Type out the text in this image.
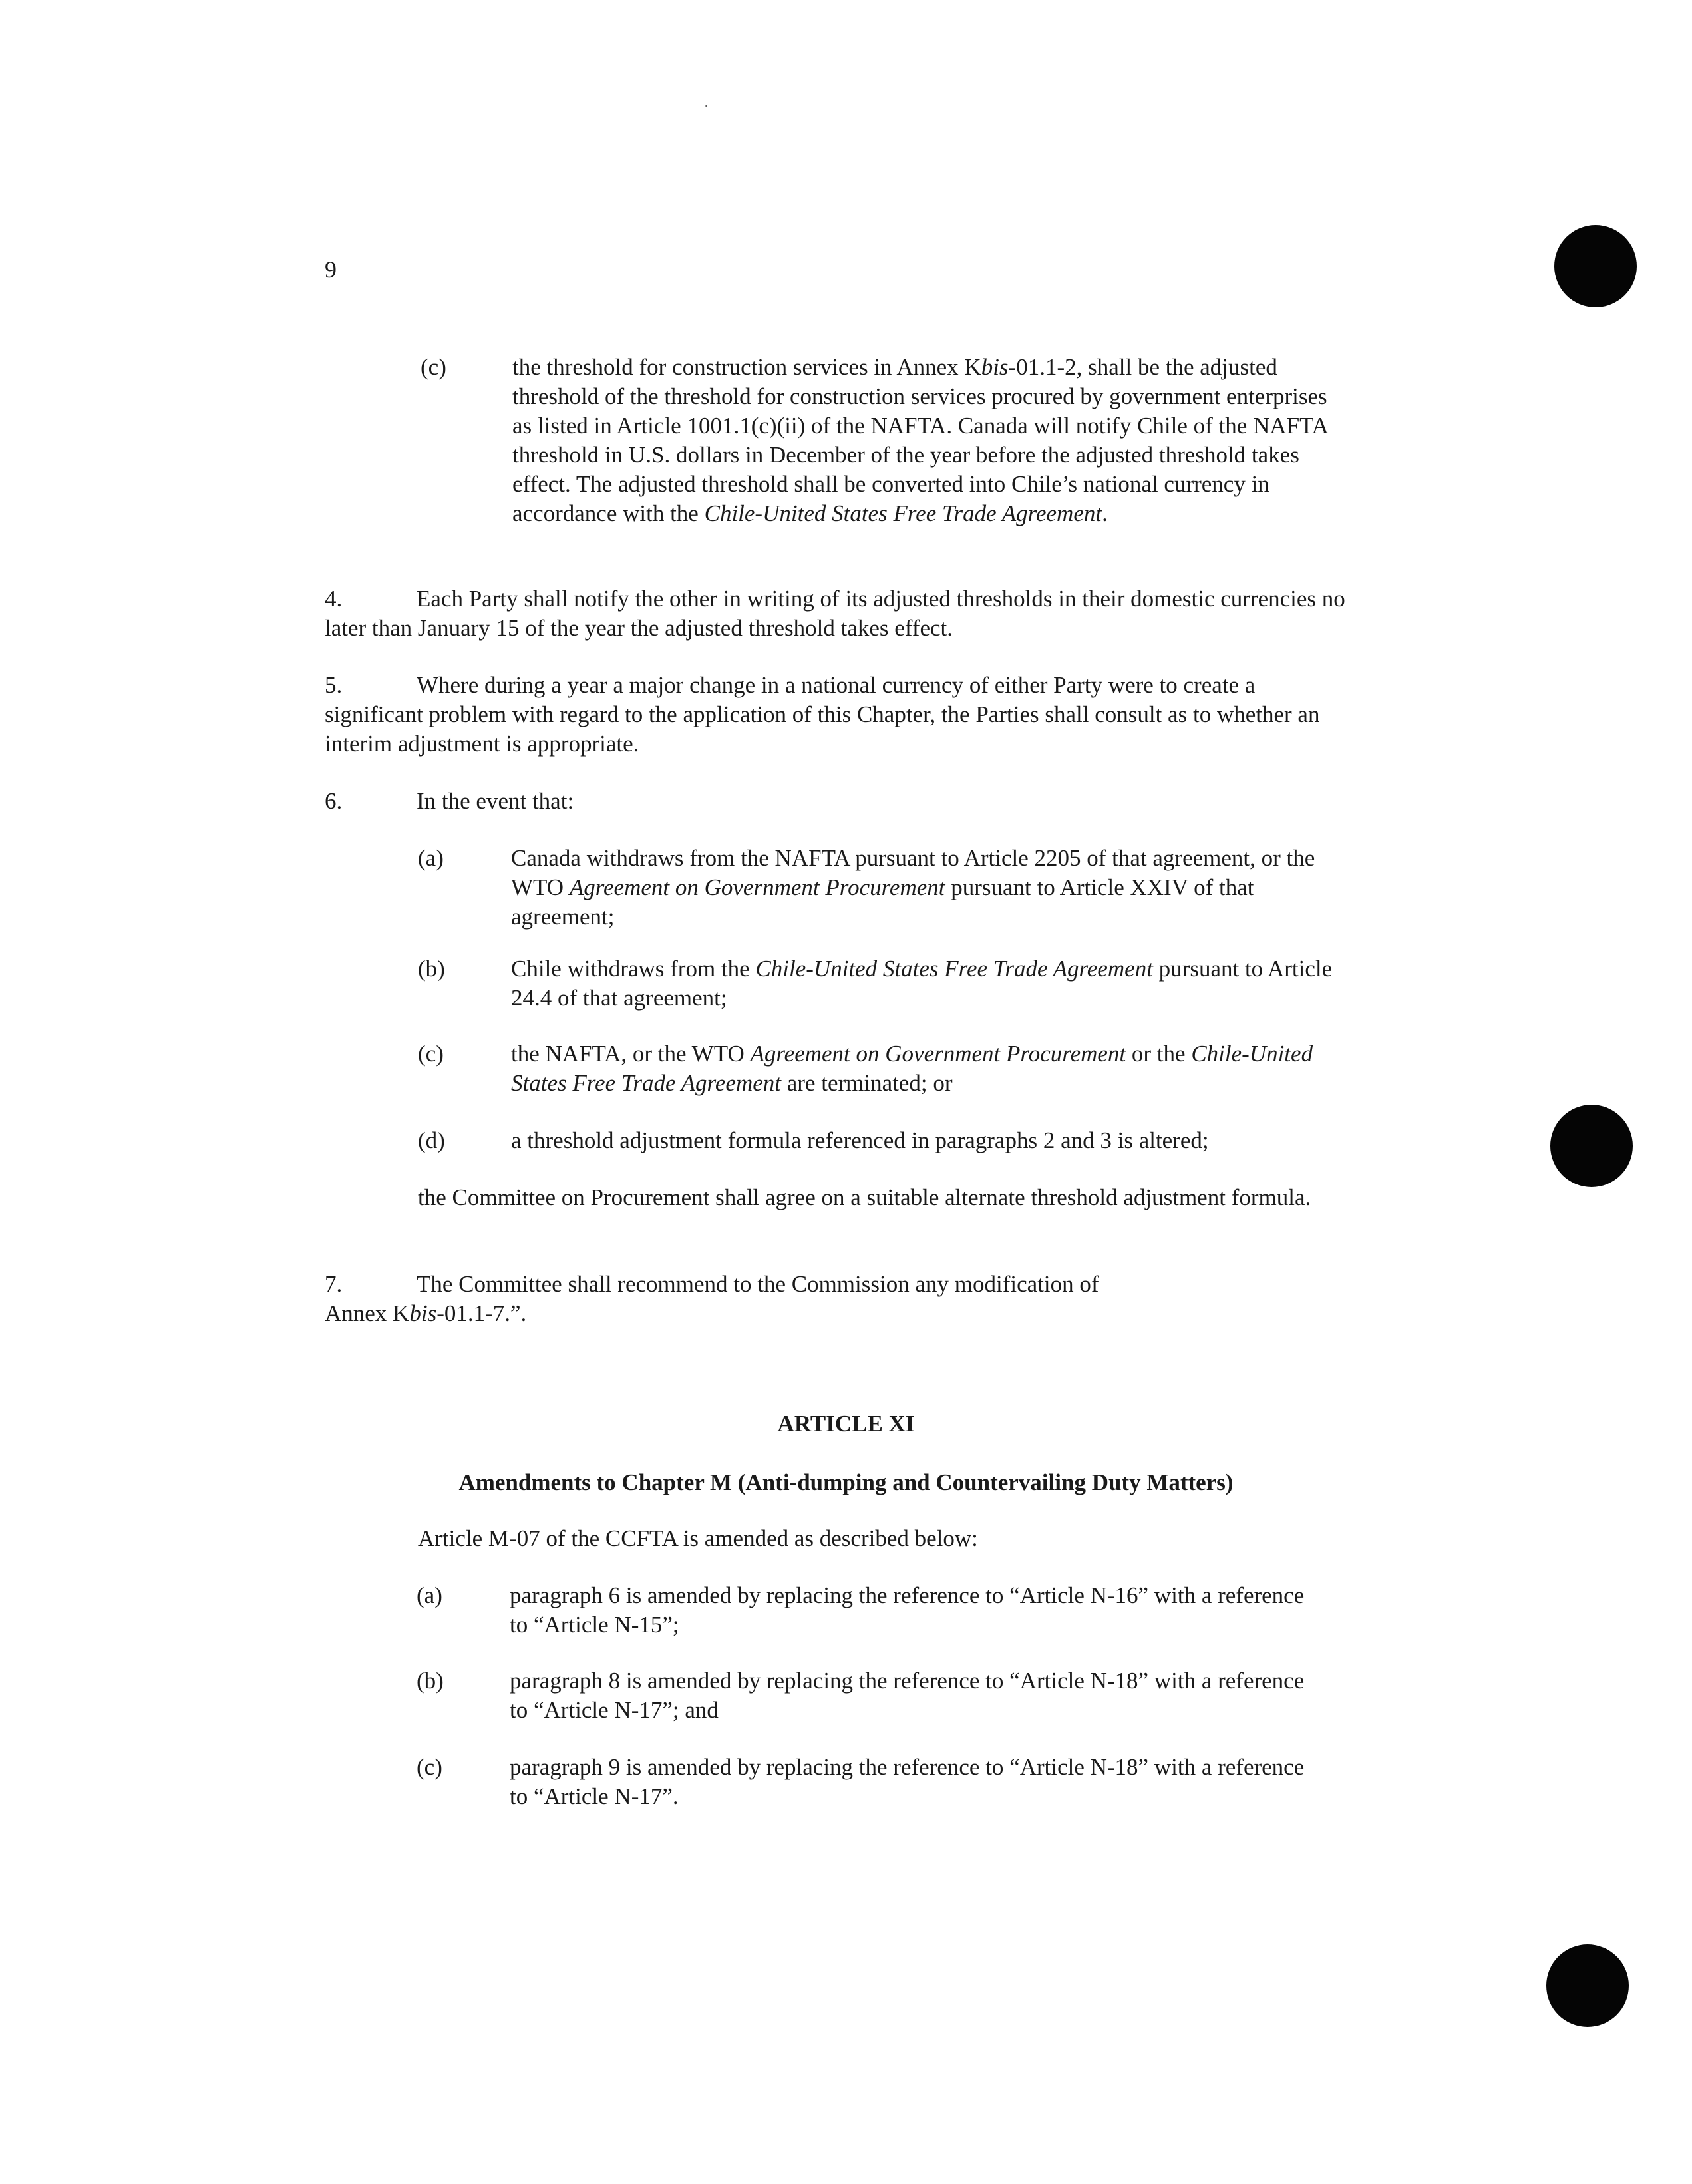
9
(c)	the threshold for construction services in Annex Kbis-01.1-2, shall be the adjusted threshold of the threshold for construction services procured by government enterprises as listed in Article 1001.1(c)(ii) of the NAFTA. Canada will notify Chile of the NAFTA threshold in U.S. dollars in December of the year before the adjusted threshold takes effect. The adjusted threshold shall be converted into Chile’s national currency in accordance with the Chile-United States Free Trade Agreement.
4.	Each Party shall notify the other in writing of its adjusted thresholds in their domestic currencies no later than January 15 of the year the adjusted threshold takes effect.
5.	Where during a year a major change in a national currency of either Party were to create a significant problem with regard to the application of this Chapter, the Parties shall consult as to whether an interim adjustment is appropriate.
6.	In the event that:
(a)	Canada withdraws from the NAFTA pursuant to Article 2205 of that agreement, or the WTO Agreement on Government Procurement pursuant to Article XXIV of that agreement;
(b)	Chile withdraws from the Chile-United States Free Trade Agreement pursuant to Article 24.4 of that agreement;
(c)	the NAFTA, or the WTO Agreement on Government Procurement or the Chile-United States Free Trade Agreement are terminated; or
(d)	a threshold adjustment formula referenced in paragraphs 2 and 3 is altered;
the Committee on Procurement shall agree on a suitable alternate threshold adjustment formula.
7.	The Committee shall recommend to the Commission any modification of
Annex Kbis-01.1-7.”.
ARTICLE XI
Amendments to Chapter M (Anti-dumping and Countervailing Duty Matters)
Article M-07 of the CCFTA is amended as described below:
(a)	paragraph 6 is amended by replacing the reference to “Article N-16” with a reference to “Article N-15”;
(b)	paragraph 8 is amended by replacing the reference to “Article N-18” with a reference to “Article N-17”; and
(c)	paragraph 9 is amended by replacing the reference to “Article N-18” with a reference to “Article N-17”.
